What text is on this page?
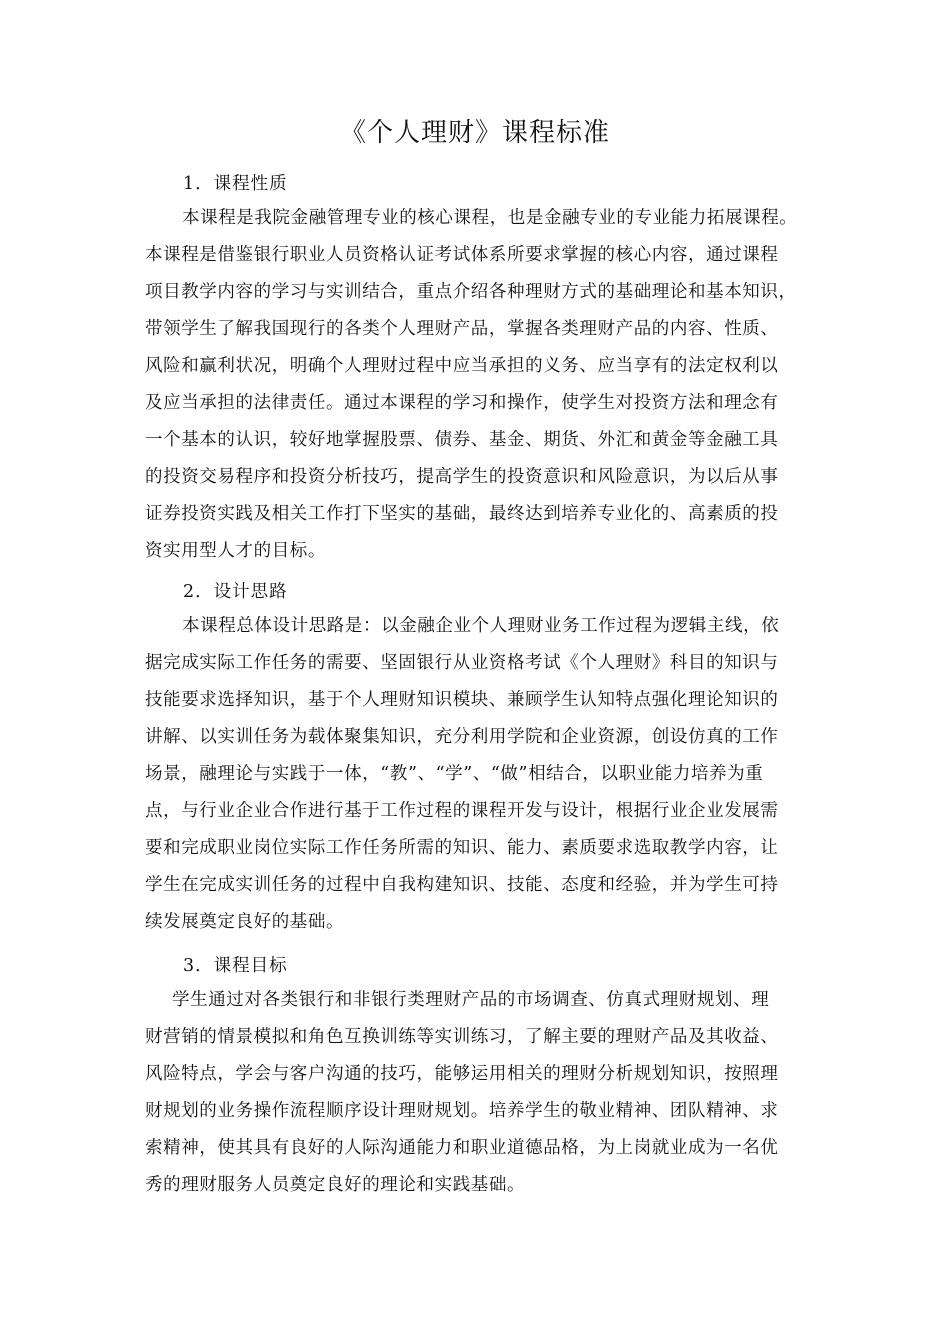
《个人理财》课程标准
1．课程性质
本课程是我院金融管理专业的核心课程，也是金融专业的专业能力拓展课程。
本课程是借鉴银行职业人员资格认证考试体系所要求掌握的核心内容，通过课程
项目教学内容的学习与实训结合，重点介绍各种理财方式的基础理论和基本知识，
带领学生了解我国现行的各类个人理财产品，掌握各类理财产品的内容、性质、
风险和赢利状况，明确个人理财过程中应当承担的义务、应当享有的法定权利以
及应当承担的法律责任。通过本课程的学习和操作，使学生对投资方法和理念有
一个基本的认识，较好地掌握股票、债券、基金、期货、外汇和黄金等金融工具
的投资交易程序和投资分析技巧，提高学生的投资意识和风险意识，为以后从事
证券投资实践及相关工作打下坚实的基础，最终达到培养专业化的、高素质的投
资实用型人才的目标。
2．设计思路
本课程总体设计思路是：以金融企业个人理财业务工作过程为逻辑主线，依
据完成实际工作任务的需要、坚固银行从业资格考试《个人理财》科目的知识与
技能要求选择知识，基于个人理财知识模块、兼顾学生认知特点强化理论知识的
讲解、以实训任务为载体聚集知识，充分利用学院和企业资源，创设仿真的工作
场景，融理论与实践于一体，“教”、“学”、“做”相结合，以职业能力培养为重
点，与行业企业合作进行基于工作过程的课程开发与设计，根据行业企业发展需
要和完成职业岗位实际工作任务所需的知识、能力、素质要求选取教学内容，让
学生在完成实训任务的过程中自我构建知识、技能、态度和经验，并为学生可持
续发展奠定良好的基础。
3．课程目标
学生通过对各类银行和非银行类理财产品的市场调查、仿真式理财规划、理
财营销的情景模拟和角色互换训练等实训练习，了解主要的理财产品及其收益、
风险特点，学会与客户沟通的技巧，能够运用相关的理财分析规划知识，按照理
财规划的业务操作流程顺序设计理财规划。培养学生的敬业精神、团队精神、求
索精神，使其具有良好的人际沟通能力和职业道德品格，为上岗就业成为一名优
秀的理财服务人员奠定良好的理论和实践基础。
